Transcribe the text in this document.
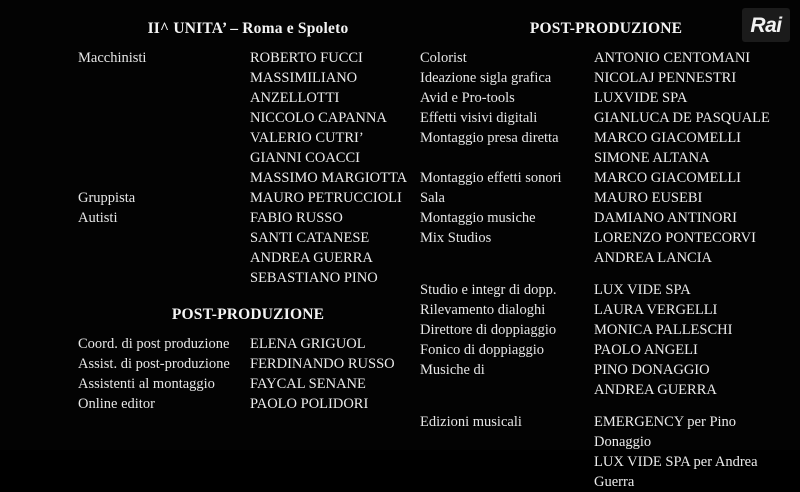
Rai
II^ UNITA’ – Roma e Spoleto
Macchinisti	ROBERTO FUCCI
MASSIMILIANO
ANZELLOTTI
NICCOLO CAPANNA
VALERIO CUTRI’
GIANNI COACCI
MASSIMO MARGIOTTA
Gruppista	MAURO PETRUCCIOLI
Autisti	FABIO RUSSO
SANTI CATANESE
ANDREA GUERRA
SEBASTIANO PINO
POST-PRODUZIONE
Coord. di post produzione	ELENA GRIGUOL
Assist. di post-produzione	FERDINANDO RUSSO
Assistenti al montaggio	FAYCAL SENANE
Online editor	PAOLO POLIDORI
POST-PRODUZIONE
Colorist	ANTONIO CENTOMANI
Ideazione sigla grafica	NICOLAJ PENNESTRI
Avid e Pro-tools	LUXVIDE SPA
Effetti visivi digitali	GIANLUCA DE PASQUALE
Montaggio presa diretta	MARCO GIACOMELLI
SIMONE ALTANA
Montaggio effetti sonori	MARCO GIACOMELLI
Sala	MAURO EUSEBI
Montaggio musiche	DAMIANO ANTINORI
Mix Studios	LORENZO PONTECORVI
ANDREA LANCIA
Studio e integr di dopp.	LUX VIDE SPA
Rilevamento dialoghi	LAURA VERGELLI
Direttore di doppiaggio	MONICA PALLESCHI
Fonico di doppiaggio	PAOLO ANGELI
Musiche di	PINO DONAGGIO
ANDREA GUERRA
Edizioni musicali	EMERGENCY per Pino
Donaggio
LUX VIDE SPA per Andrea
Guerra
